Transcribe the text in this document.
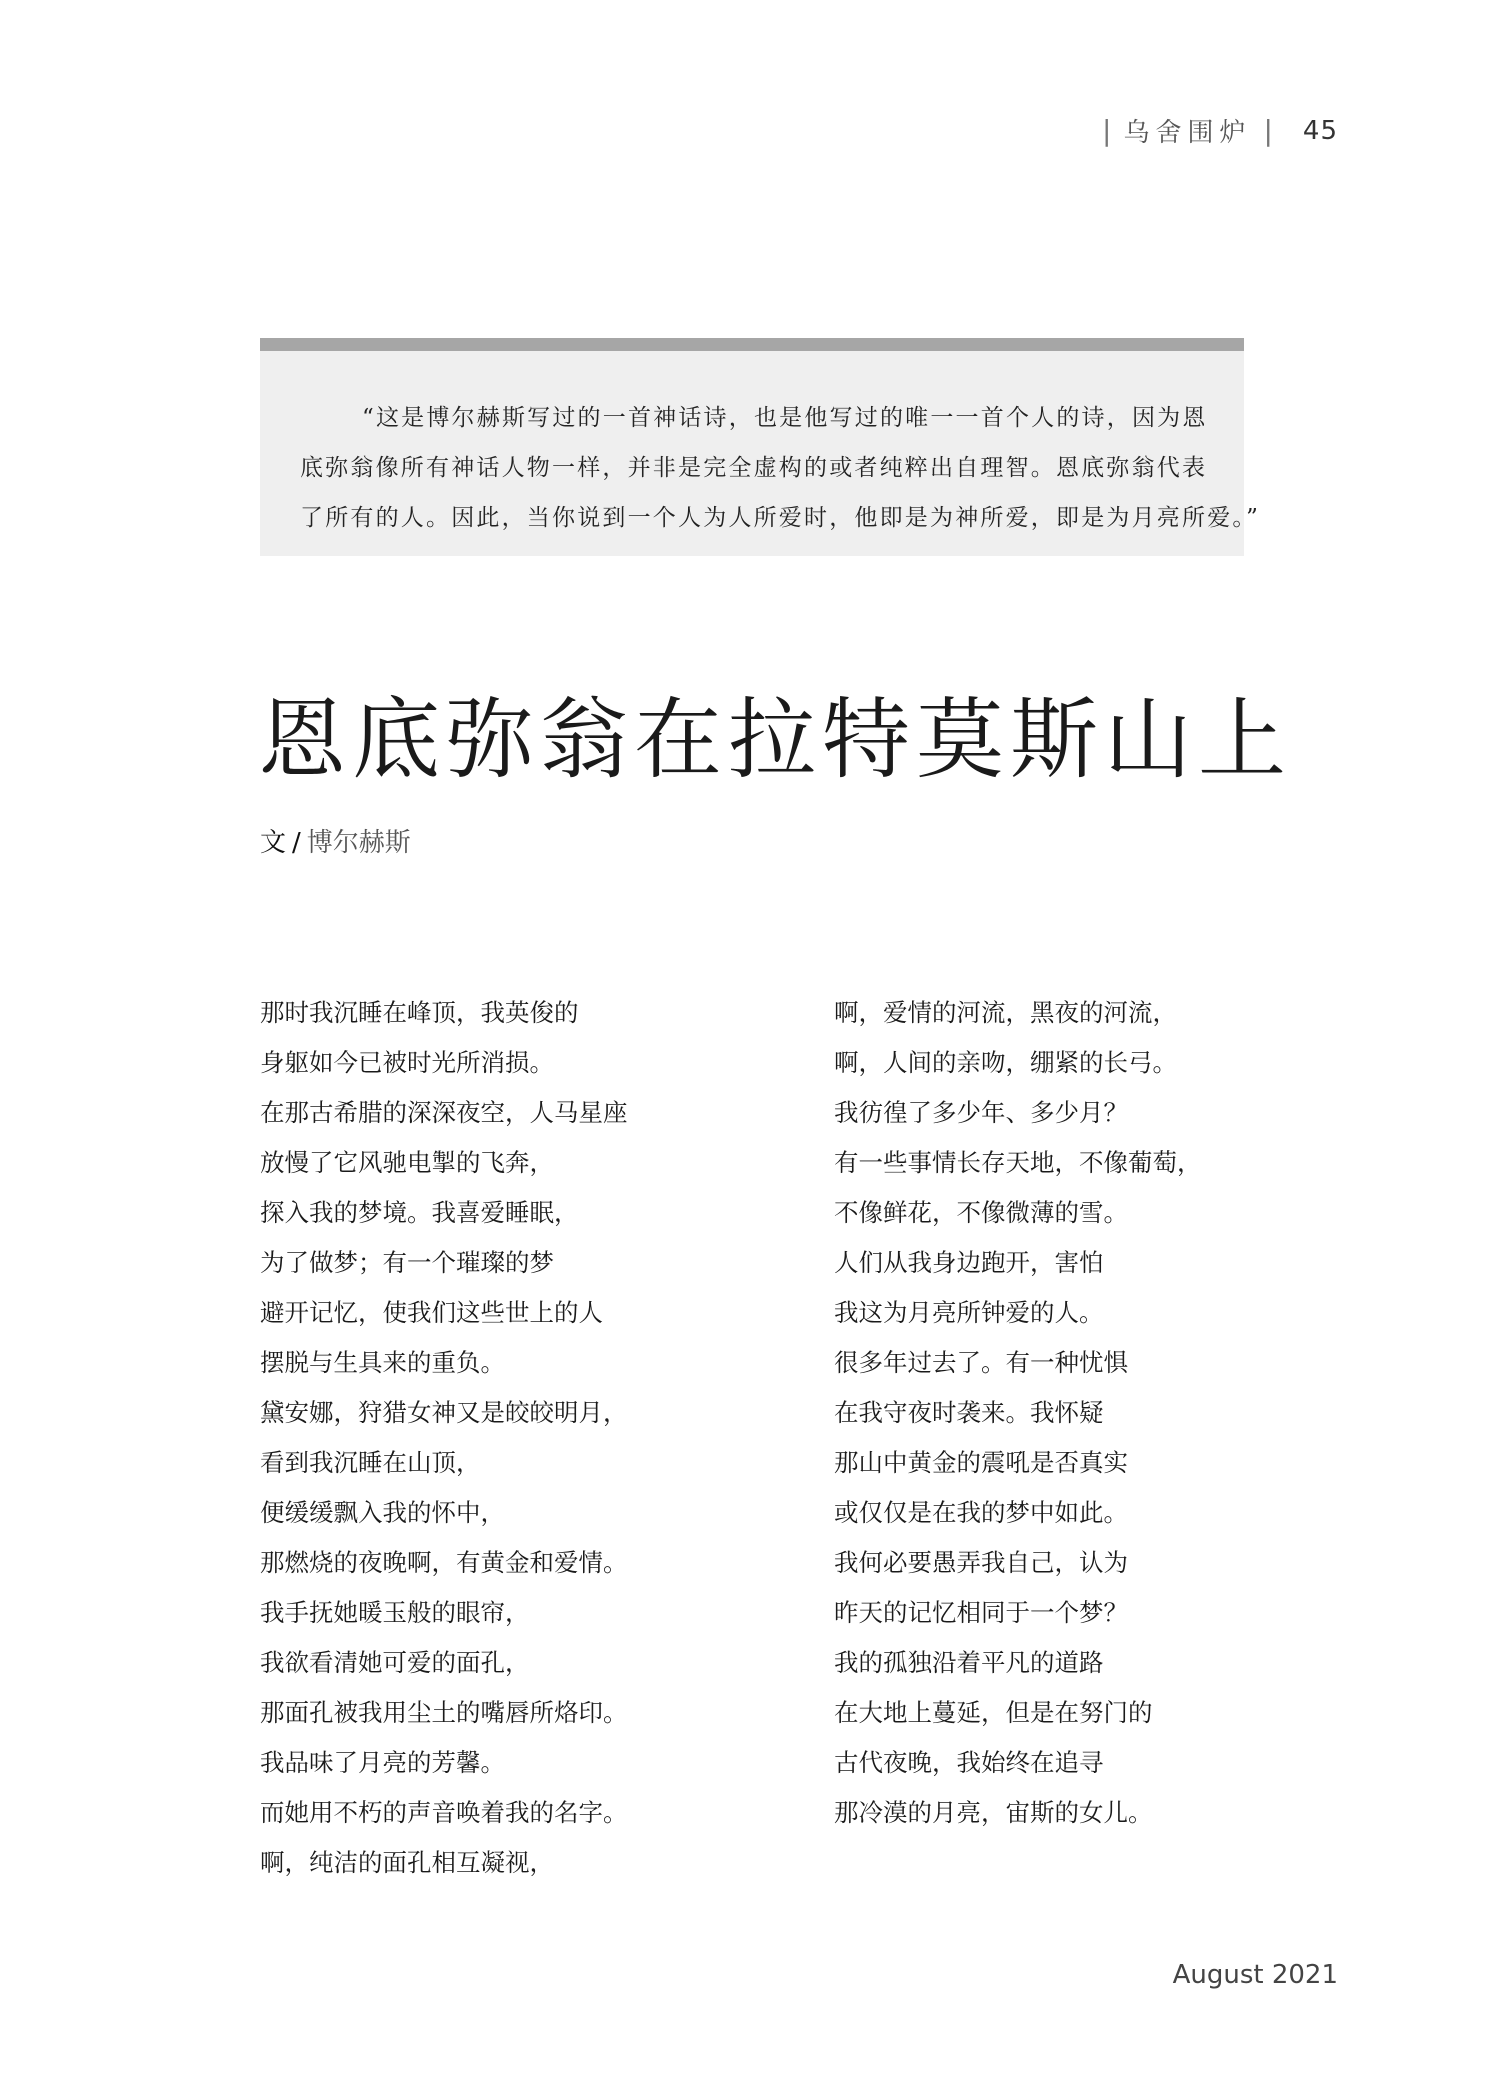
| 乌舍围炉 | 45
“这是博尔赫斯写过的一首神话诗，也是他写过的唯一一首个人的诗，因为恩
底弥翁像所有神话人物一样，并非是完全虚构的或者纯粹出自理智。恩底弥翁代表
了所有的人。因此，当你说到一个人为人所爱时，他即是为神所爱，即是为月亮所爱。”
恩底弥翁在拉特莫斯山上
文 / 博尔赫斯
那时我沉睡在峰顶，我英俊的
身躯如今已被时光所消损。
在那古希腊的深深夜空，人马星座
放慢了它风驰电掣的飞奔，
探入我的梦境。我喜爱睡眠，
为了做梦；有一个璀璨的梦
避开记忆，使我们这些世上的人
摆脱与生具来的重负。
黛安娜，狩猎女神又是皎皎明月，
看到我沉睡在山顶，
便缓缓飘入我的怀中，
那燃烧的夜晚啊，有黄金和爱情。
我手抚她暖玉般的眼帘，
我欲看清她可爱的面孔，
那面孔被我用尘土的嘴唇所烙印。
我品味了月亮的芳馨。
而她用不朽的声音唤着我的名字。
啊，纯洁的面孔相互凝视，
啊，爱情的河流，黑夜的河流，
啊，人间的亲吻，绷紧的长弓。
我彷徨了多少年、多少月？
有一些事情长存天地，不像葡萄，
不像鲜花，不像微薄的雪。
人们从我身边跑开，害怕
我这为月亮所钟爱的人。
很多年过去了。有一种忧惧
在我守夜时袭来。我怀疑
那山中黄金的震吼是否真实
或仅仅是在我的梦中如此。
我何必要愚弄我自己，认为
昨天的记忆相同于一个梦？
我的孤独沿着平凡的道路
在大地上蔓延，但是在努门的
古代夜晚，我始终在追寻
那冷漠的月亮，宙斯的女儿。
August 2021
